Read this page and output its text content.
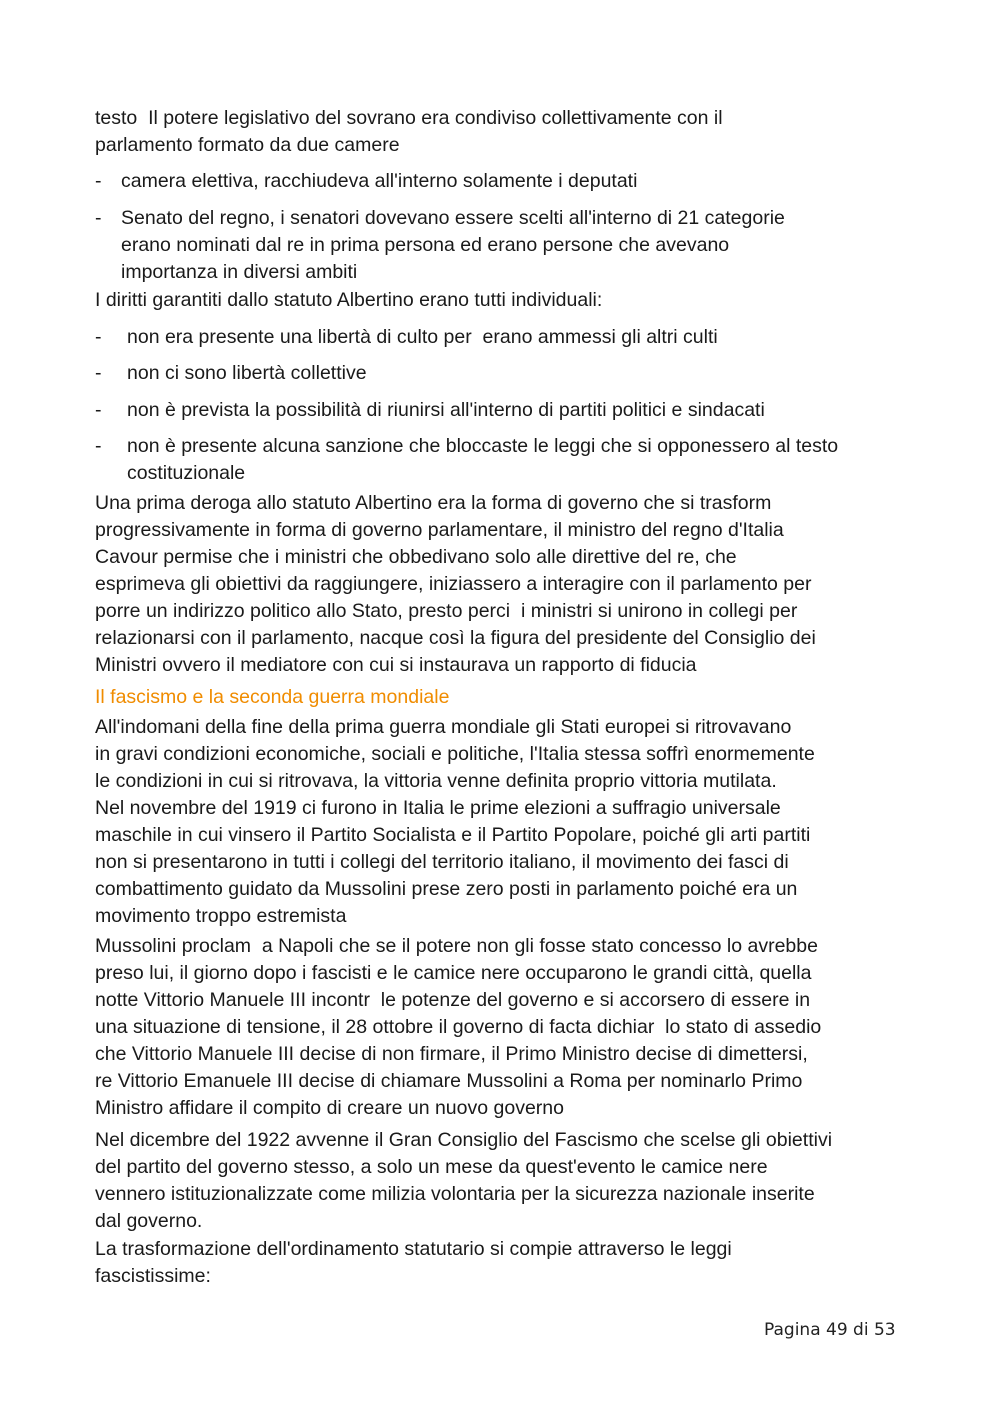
testo  Il potere legislativo del sovrano era condiviso collettivamente con il
parlamento formato da due camere

- camera elettiva, racchiudeva all'interno solamente i deputati
- Senato del regno, i senatori dovevano essere scelti all'interno di 21 categorie
erano nominati dal re in prima persona ed erano persone che avevano
importanza in diversi ambiti

I diritti garantiti dallo statuto Albertino erano tutti individuali:

- non era presente una libertà di culto per  erano ammessi gli altri culti
- non ci sono libertà collettive
- non è prevista la possibilità di riunirsi all'interno di partiti politici e sindacati
- non è presente alcuna sanzione che bloccaste le leggi che si opponessero al testo
costituzionale

Una prima deroga allo statuto Albertino era la forma di governo che si trasform
progressivamente in forma di governo parlamentare, il ministro del regno d'Italia
Cavour permise che i ministri che obbedivano solo alle direttive del re, che
esprimeva gli obiettivi da raggiungere, iniziassero a interagire con il parlamento per
porre un indirizzo politico allo Stato, presto perci  i ministri si unirono in collegi per
relazionarsi con il parlamento, nacque così la figura del presidente del Consiglio dei
Ministri ovvero il mediatore con cui si instaurava un rapporto di fiducia

Il fascismo e la seconda guerra mondiale

All'indomani della fine della prima guerra mondiale gli Stati europei si ritrovavano
in gravi condizioni economiche, sociali e politiche, l'Italia stessa soffrì enormemente
le condizioni in cui si ritrovava, la vittoria venne definita proprio vittoria mutilata.
Nel novembre del 1919 ci furono in Italia le prime elezioni a suffragio universale
maschile in cui vinsero il Partito Socialista e il Partito Popolare, poiché gli arti partiti
non si presentarono in tutti i collegi del territorio italiano, il movimento dei fasci di
combattimento guidato da Mussolini prese zero posti in parlamento poiché era un
movimento troppo estremista

Mussolini proclam  a Napoli che se il potere non gli fosse stato concesso lo avrebbe
preso lui, il giorno dopo i fascisti e le camice nere occuparono le grandi città, quella
notte Vittorio Manuele III incontr  le potenze del governo e si accorsero di essere in
una situazione di tensione, il 28 ottobre il governo di facta dichiar  lo stato di assedio
che Vittorio Manuele III decise di non firmare, il Primo Ministro decise di dimettersi,
re Vittorio Emanuele III decise di chiamare Mussolini a Roma per nominarlo Primo
Ministro affidare il compito di creare un nuovo governo

Nel dicembre del 1922 avvenne il Gran Consiglio del Fascismo che scelse gli obiettivi
del partito del governo stesso, a solo un mese da quest'evento le camice nere
vennero istituzionalizzate come milizia volontaria per la sicurezza nazionale inserite
dal governo.

La trasformazione dell'ordinamento statutario si compie attraverso le leggi
fascistissime:

Pagina 49 di 53
